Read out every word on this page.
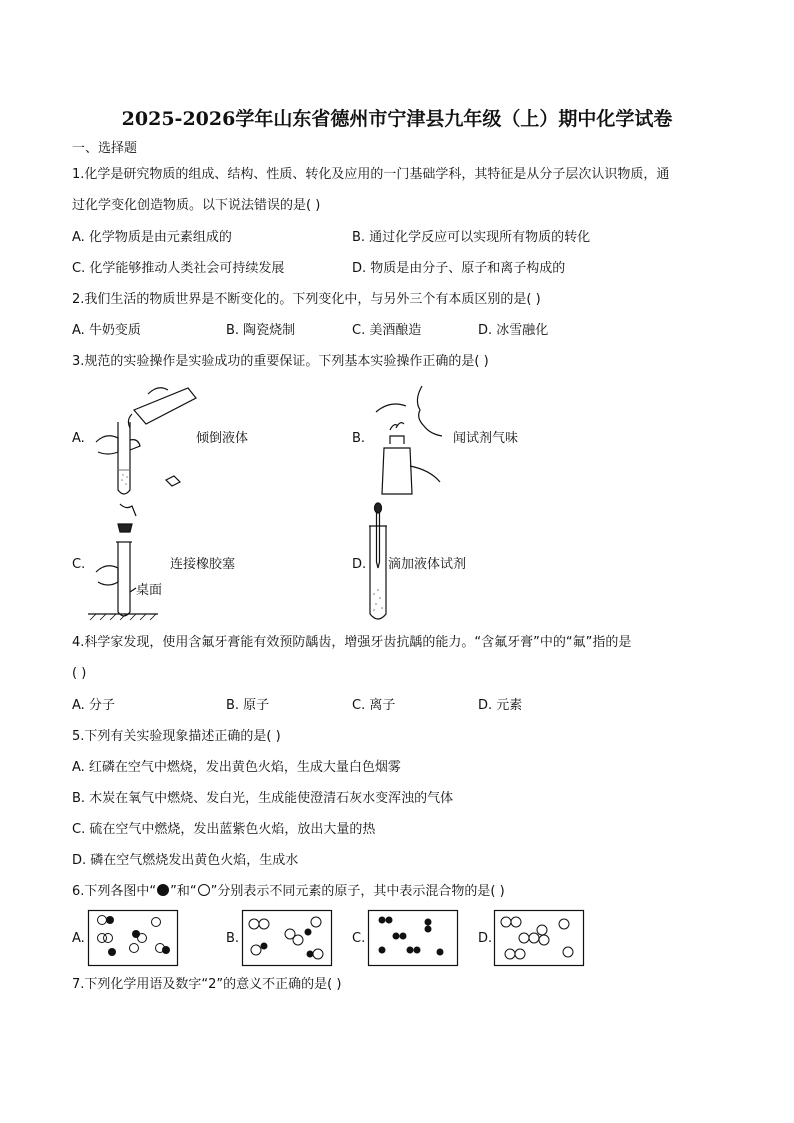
2025-2026学年山东省德州市宁津县九年级（上）期中化学试卷
一、选择题
1.化学是研究物质的组成、结构、性质、转化及应用的一门基础学科，其特征是从分子层次认识物质，通
过化学变化创造物质。以下说法错误的是( )
A. 化学物质是由元素组成的	B. 通过化学反应可以实现所有物质的转化
C. 化学能够推动人类社会可持续发展	D. 物质是由分子、原子和离子构成的
2.我们生活的物质世界是不断变化的。下列变化中，与另外三个有本质区别的是( )
A. 牛奶变质	B. 陶瓷烧制	C. 美酒酿造	D. 冰雪融化
3.规范的实验操作是实验成功的重要保证。下列基本实验操作正确的是( )
A.	倾倒液体	B.	闻试剂气味
C.
桌面
连接橡胶塞	D. 滴加液体试剂
4.科学家发现，使用含氟牙膏能有效预防龋齿，增强牙齿抗龋的能力。“含氟牙膏”中的“氟”指的是
( )
A. 分子	B. 原子	C. 离子	D. 元素
5.下列有关实验现象描述正确的是( )
A. 红磷在空气中燃烧，发出黄色火焰，生成大量白色烟雾
B. 木炭在氧气中燃烧、发白光，生成能使澄清石灰水变浑浊的气体
C. 硫在空气中燃烧，发出蓝紫色火焰，放出大量的热
D. 磷在空气燃烧发出黄色火焰，生成水
6.下列各图中“ ”和“ ”分别表示不同元素的原子，其中表示混合物的是( )
A.	B.	C.	D.
7.下列化学用语及数字“2”的意义不正确的是( )
